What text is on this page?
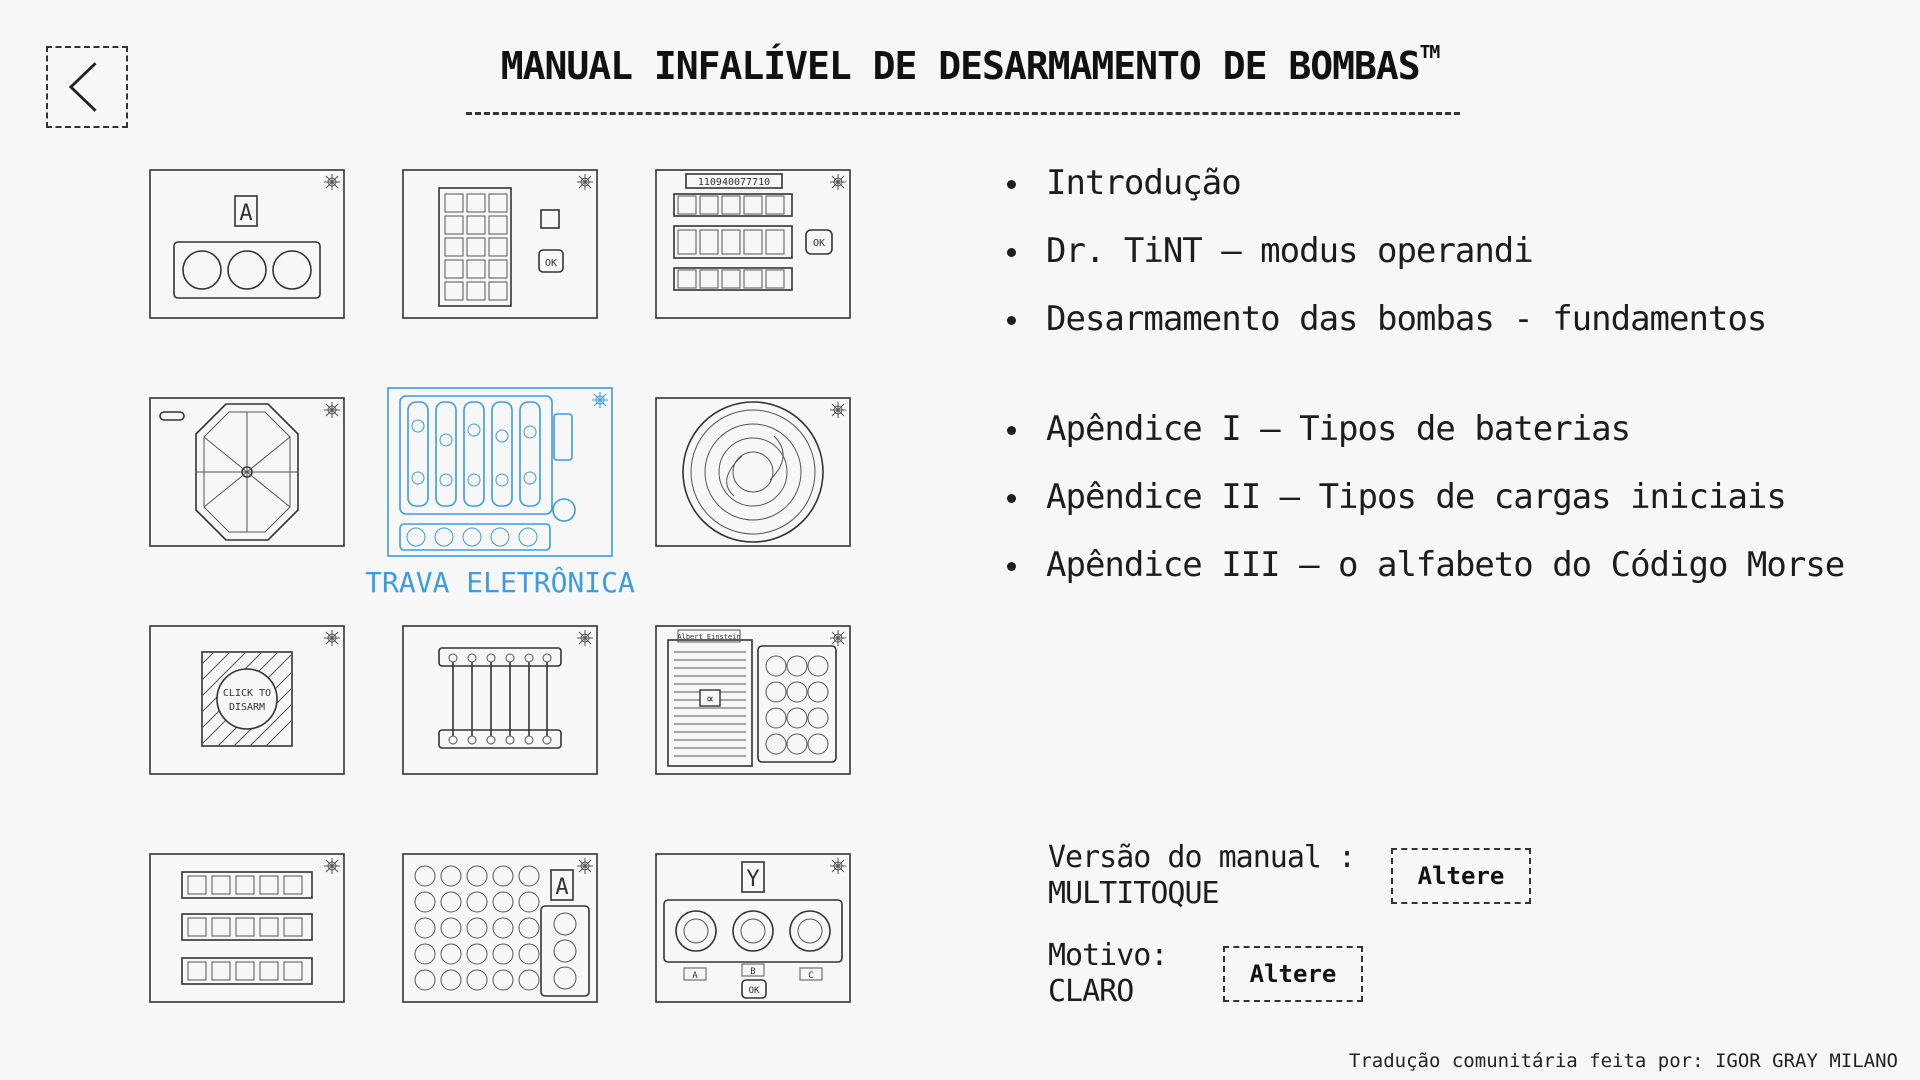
MANUAL INFALÍVEL DE DESARMAMENTO DE BOMBAS™
A
OK
110940077710
OK
TRAVA ELETRÔNICA
CLICK TO
DISARM
Albert Einstein
∝
A	Y
A	B	C
OK
Introdução
Dr. TiNT – modus operandi
Desarmamento das bombas - fundamentos
Apêndice I – Tipos de baterias
Apêndice II – Tipos de cargas iniciais
Apêndice III – o alfabeto do Código Morse
Versão do manual :
MULTITOQUE	Altere
Motivo:
CLARO	Altere
Tradução comunitária feita por: IGOR GRAY MILANO
